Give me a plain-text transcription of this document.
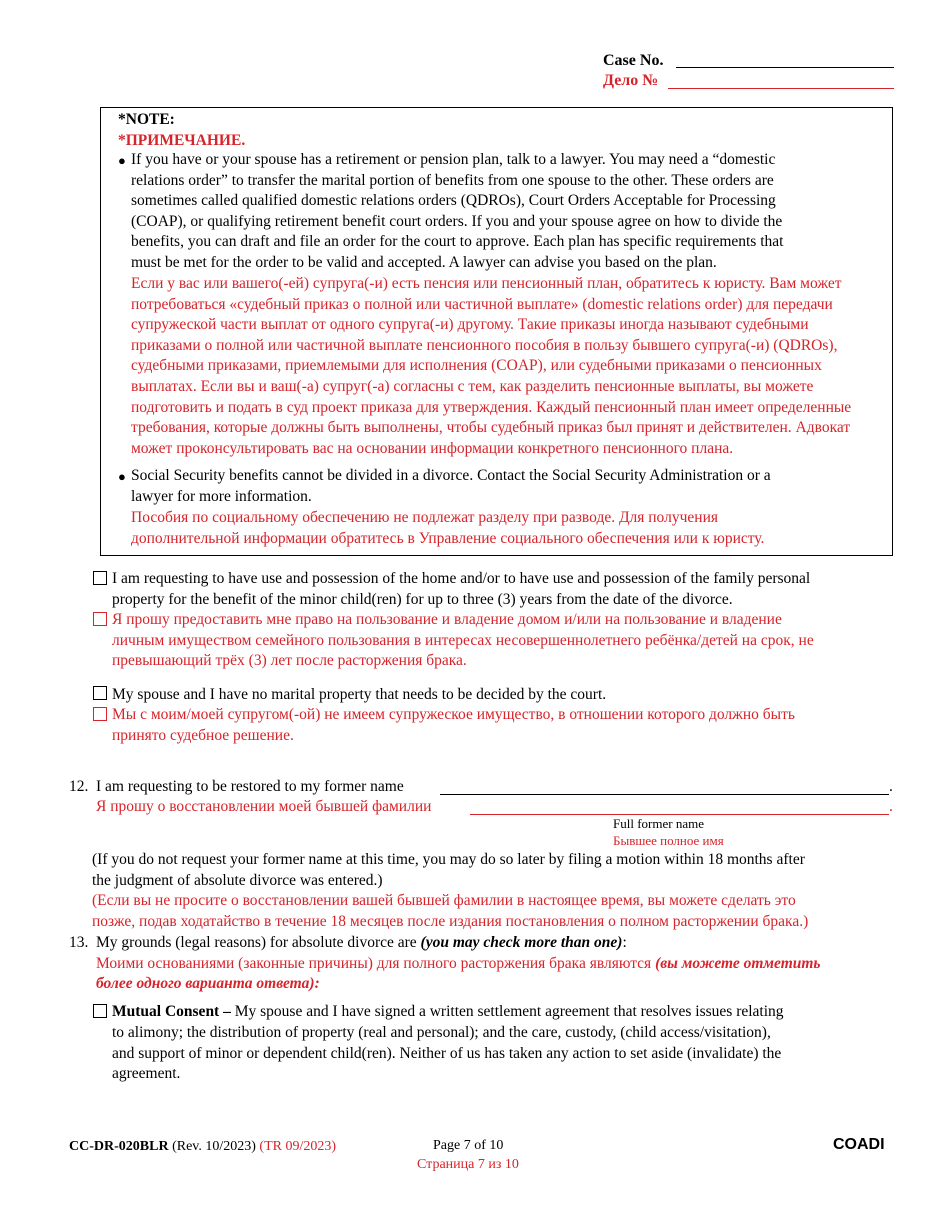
Case No.
Дело №
*NOTE:
*ПРИМЕЧАНИЕ.
● If you have or your spouse has a retirement or pension plan, talk to a lawyer. You may need a “domestic
relations order” to transfer the marital portion of benefits from one spouse to the other. These orders are
sometimes called qualified domestic relations orders (QDROs), Court Orders Acceptable for Processing
(COAP), or qualifying retirement benefit court orders. If you and your spouse agree on how to divide the
benefits, you can draft and file an order for the court to approve. Each plan has specific requirements that
must be met for the order to be valid and accepted. A lawyer can advise you based on the plan.
Если у вас или вашего(-ей) супруга(-и) есть пенсия или пенсионный план, обратитесь к юристу. Вам может
потребоваться «судебный приказ о полной или частичной выплате» (domestic relations order) для передачи
супружеской части выплат от одного супруга(-и) другому. Такие приказы иногда называют судебными
приказами о полной или частичной выплате пенсионного пособия в пользу бывшего супруга(-и) (QDROs),
судебными приказами, приемлемыми для исполнения (COAP), или судебными приказами о пенсионных
выплатах. Если вы и ваш(-а) супруг(-а) согласны с тем, как разделить пенсионные выплаты, вы можете
подготовить и подать в суд проект приказа для утверждения. Каждый пенсионный план имеет определенные
требования, которые должны быть выполнены, чтобы судебный приказ был принят и действителен. Адвокат
может проконсультировать вас на основании информации конкретного пенсионного плана.
● Social Security benefits cannot be divided in a divorce. Contact the Social Security Administration or a
lawyer for more information.
Пособия по социальному обеспечению не подлежат разделу при разводе. Для получения
дополнительной информации обратитесь в Управление социального обеспечения или к юристу.
I am requesting to have use and possession of the home and/or to have use and possession of the family personal
property for the benefit of the minor child(ren) for up to three (3) years from the date of the divorce.
Я прошу предоставить мне право на пользование и владение домом и/или на пользование и владение
личным имуществом семейного пользования в интересах несовершеннолетнего ребёнка/детей на срок, не
превышающий трёх (3) лет после расторжения брака.
My spouse and I have no marital property that needs to be decided by the court.
Мы с моим/моей супругом(-ой) не имеем супружеское имущество, в отношении которого должно быть
принято судебное решение.
12. I am requesting to be restored to my former name	.
Я прошу о восстановлении моей бывшей фамилии	.
Full former name
Бывшее полное имя
(If you do not request your former name at this time, you may do so later by filing a motion within 18 months after
the judgment of absolute divorce was entered.)
(Если вы не просите о восстановлении вашей бывшей фамилии в настоящее время, вы можете сделать это
позже, подав ходатайство в течение 18 месяцев после издания постановления о полном расторжении брака.)
13. My grounds (legal reasons) for absolute divorce are (you may check more than one):
Моими основаниями (законные причины) для полного расторжения брака являются (вы можете отметить
более одного варианта ответа):
Mutual Consent – My spouse and I have signed a written settlement agreement that resolves issues relating
to alimony; the distribution of property (real and personal); and the care, custody, (child access/visitation),
and support of minor or dependent child(ren). Neither of us has taken any action to set aside (invalidate) the
agreement.
CC-DR-020BLR (Rev. 10/2023) (TR 09/2023)	Page 7 of 10
Страница 7 из 10
COADI
